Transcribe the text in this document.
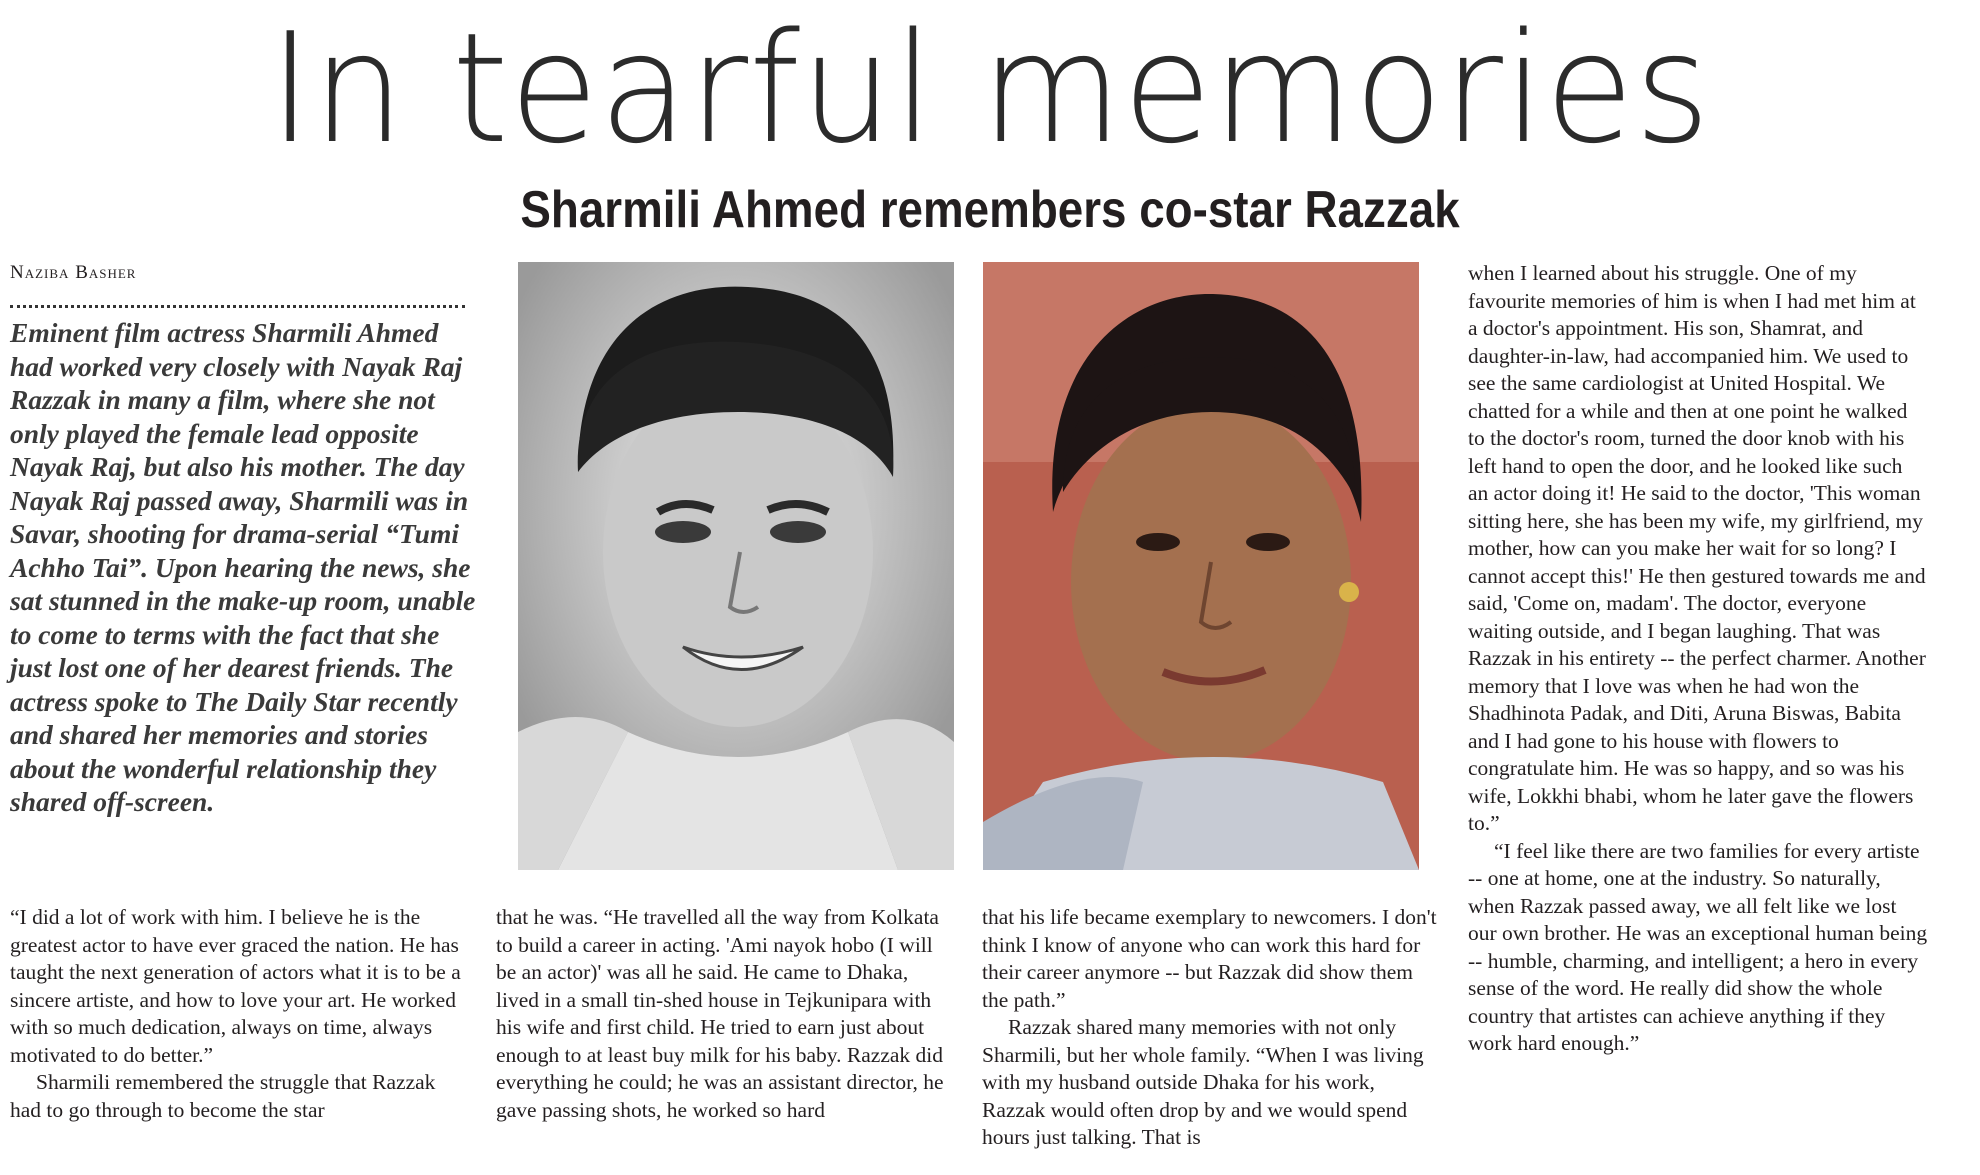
In tearful memories
Sharmili Ahmed remembers co-star Razzak
Naziba Basher

Eminent film actress Sharmili Ahmed had worked very closely with Nayak Raj Razzak in many a film, where she not only played the female lead opposite Nayak Raj, but also his mother. The day Nayak Raj passed away, Sharmili was in Savar, shooting for drama-serial “Tumi Achho Tai”. Upon hearing the news, she sat stunned in the make-up room, unable to come to terms with the fact that she just lost one of her dearest friends. The actress spoke to The Daily Star recently and shared her memories and stories about the wonderful relationship they shared off-screen.

“I did a lot of work with him. I believe he is the greatest actor to have ever graced the nation. He has taught the next generation of actors what it is to be a sincere artiste, and how to love your art. He worked with so much dedication, always on time, always motivated to do better.”

Sharmili remembered the struggle that Razzak had to go through to become the star

that he was. “He travelled all the way from Kolkata to build a career in acting. 'Ami nayok hobo (I will be an actor)' was all he said. He came to Dhaka, lived in a small tin-shed house in Tejkunipara with his wife and first child. He tried to earn just about enough to at least buy milk for his baby. Razzak did everything he could; he was an assistant director, he gave passing shots, he worked so hard

that his life became exemplary to newcomers. I don't think I know of anyone who can work this hard for their career anymore -- but Razzak did show them the path.”

Razzak shared many memories with not only Sharmili, but her whole family. “When I was living with my husband outside Dhaka for his work, Razzak would often drop by and we would spend hours just talking. That is

when I learned about his struggle. One of my favourite memories of him is when I had met him at a doctor's appointment. His son, Shamrat, and daughter-in-law, had accompanied him. We used to see the same cardiologist at United Hospital. We chatted for a while and then at one point he walked to the doctor's room, turned the door knob with his left hand to open the door, and he looked like such an actor doing it! He said to the doctor, 'This woman sitting here, she has been my wife, my girlfriend, my mother, how can you make her wait for so long? I cannot accept this!' He then gestured towards me and said, 'Come on, madam'. The doctor, everyone waiting outside, and I began laughing. That was Razzak in his entirety -- the perfect charmer. Another memory that I love was when he had won the Shadhinota Padak, and Diti, Aruna Biswas, Babita and I had gone to his house with flowers to congratulate him. He was so happy, and so was his wife, Lokkhi bhabi, whom he later gave the flowers to.”

“I feel like there are two families for every artiste -- one at home, one at the industry. So naturally, when Razzak passed away, we all felt like we lost our own brother. He was an exceptional human being -- humble, charming, and intelligent; a hero in every sense of the word. He really did show the whole country that artistes can achieve anything if they work hard enough.”
